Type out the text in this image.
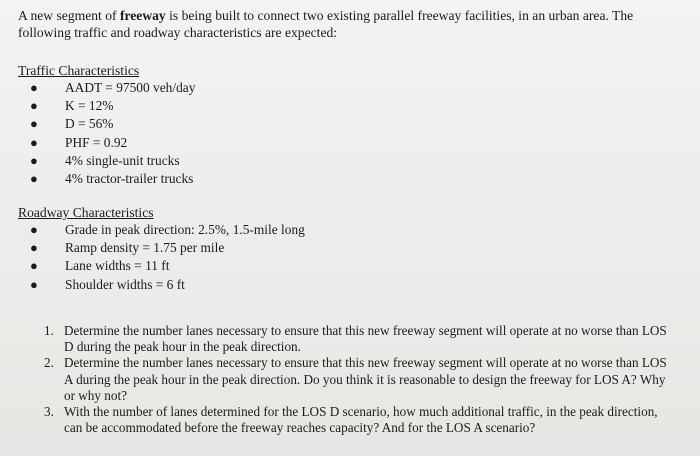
A new segment of freeway is being built to connect two existing parallel freeway facilities, in an urban area. The following traffic and roadway characteristics are expected:

Traffic Characteristics

● AADT = 97500 veh/day
● K = 12%
● D = 56%
● PHF = 0.92
● 4% single-unit trucks
● 4% tractor-trailer trucks

Roadway Characteristics

● Grade in peak direction: 2.5%, 1.5-mile long
● Ramp density = 1.75 per mile
● Lane widths = 11 ft
● Shoulder widths = 6 ft
1. Determine the number lanes necessary to ensure that this new freeway segment will operate at no worse than LOS D during the peak hour in the peak direction.
2. Determine the number lanes necessary to ensure that this new freeway segment will operate at no worse than LOS A during the peak hour in the peak direction. Do you think it is reasonable to design the freeway for LOS A? Why or why not?
3. With the number of lanes determined for the LOS D scenario, how much additional traffic, in the peak direction, can be accommodated before the freeway reaches capacity? And for the LOS A scenario?
